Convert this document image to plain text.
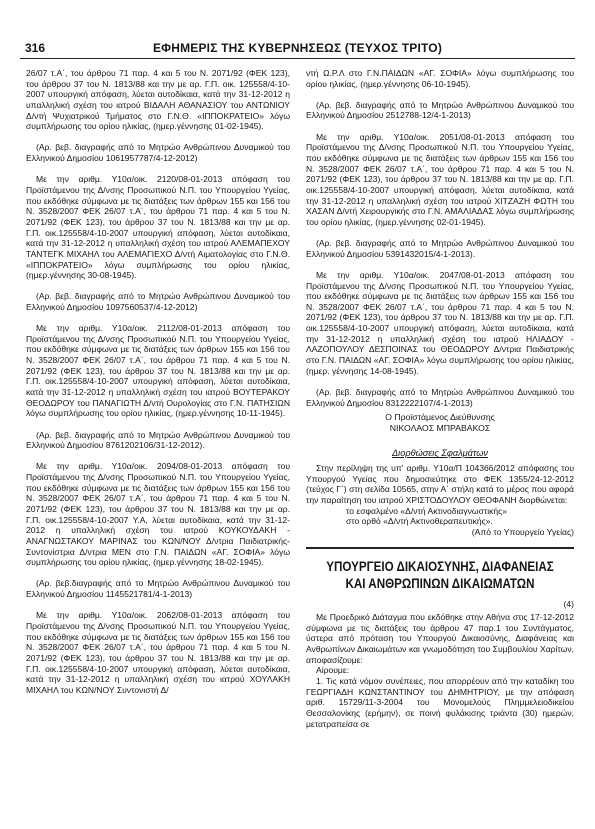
316	ΕΦΗΜΕΡΙΣ ΤΗΣ ΚΥΒΕΡΝΗΣΕΩΣ (ΤΕΥΧΟΣ ΤΡΙΤΟ)

26/07 τ.Α΄, του άρθρου 71 παρ. 4 και 5 του Ν. 2071/92 (ΦΕΚ 123), του άρθρου 37 του Ν. 1813/88 και την με αρ. Γ.Π. οικ. 125558/4-10-2007 υπουργική απόφαση, λύεται αυτοδίκαια, κατά την 31-12-2012 η υπαλληλική σχέση του ιατρού ΒΙΔΑΛΗ ΑΘΑΝΑΣΙΟΥ του ΑΝΤΩΝΙΟΥ Δ/ντή Ψυχιατρικού Τμήματος στο Γ.Ν.Θ. «ΙΠΠΟΚΡΑΤΕΙΟ» λόγω συμπλήρωσης του ορίου ηλικίας, (ημερ.γέννησης 01-02-1945).

(Αρ. βεβ. διαγραφής από το Μητρώο Ανθρώπινου Δυναμικού του Ελληνικού Δημοσίου 1061957787/4-12-2012)

Με την αριθμ. Υ10α/οικ. 2120/08-01-2013 απόφαση του Προϊστάμενου της Δ/νσης Προσωπικού Ν.Π. του Υπουργείου Υγείας, που εκδόθηκε σύμφωνα με τις διατάξεις των άρθρων 155 και 156 του Ν. 3528/2007 ΦΕΚ 26/07 τ.Α΄, του άρθρου 71 παρ. 4 και 5 του Ν. 2071/92 (ΦΕΚ 123), του άρθρου 37 του Ν. 1813/88 και την με αρ. Γ.Π. οικ.125558/4-10-2007 υπουργική απόφαση, λύεται αυτοδίκαια, κατά την 31-12-2012 η υπαλληλική σχέση του ιατρού ΑΛΕΜΑΠΕΧΟΥ ΤΑΝΤΕΓΚ ΜΙΧΑΗΛ του ΑΛΕΜΑΓΙΕΧΟ Δ/ντή Αιματολογίας στο Γ.Ν.Θ. «ΙΠΠΟΚΡΑΤΕΙΟ» λόγω συμπλήρωσης του ορίου ηλικίας, (ημερ.γέννησης 30-08-1945).

(Αρ. βεβ. διαγραφής από το Μητρώο Ανθρώπινου Δυναμικού του Ελληνικού Δημοσίου 1097560537/4-12-2012)

Με την αριθμ. Υ10α/οικ. 2112/08-01-2013 απόφαση του Προϊστάμενου της Δ/νσης Προσωπικού Ν.Π. του Υπουργείου Υγείας, που εκδόθηκε σύμφωνα με τις διατάξεις των άρθρων 155 και 156 του Ν. 3528/2007 ΦΕΚ 26/07 τ.Α΄, του άρθρου 71 παρ. 4 και 5 του Ν. 2071/92 (ΦΕΚ 123), του άρθρου 37 του Ν. 1813/88 και την με αρ. Γ.Π. οικ.125558/4-10-2007 υπουργική απόφαση, λύεται αυτοδίκαια, κατά την 31-12-2012 η υπαλληλική σχέση του ιατρού ΒΟΥΤΕΡΑΚΟΥ ΘΕΟΔΩΡΟΥ του ΠΑΝΑΓΙΩΤΗ Δ/ντή Ουρολογίας στο Γ.Ν. ΠΑΤΗΣΙΩΝ λόγω συμπλήρωσης του ορίου ηλικίας, (ημερ.γέννησης 10-11-1945).

(Αρ. βεβ. διαγραφής από το Μητρώο Ανθρώπινου Δυναμικού του Ελληνικού Δημοσίου 8761202106/31-12-2012).

Με την αριθμ. Υ10α/οικ. 2094/08-01-2013 απόφαση του Προϊστάμενου της Δ/νσης Προσωπικού Ν.Π. του Υπουργείου Υγείας, που εκδόθηκε σύμφωνα με τις διατάξεις των άρθρων 155 και 156 του Ν. 3528/2007 ΦΕΚ 26/07 τ.Α΄, του άρθρου 71 παρ. 4 και 5 του Ν. 2071/92 (ΦΕΚ 123), του άρθρου 37 του Ν. 1813/88 και την με αρ. Γ.Π. οικ.125558/4-10-2007 Υ.Α, λύεται αυτοδίκαια, κατά την 31-12-2012 η υπαλληλική σχέση του ιατρού ΚΟΥΚΟΥΔΑΚΗ - ΑΝΑΓΝΩΣΤΑΚΟΥ ΜΑΡΙΝΑΣ του ΚΩΝ/ΝΟΥ Δ/ντρια Παιδιατρικής-Συντονίστρια Δ/ντρια ΜΕΝ στο Γ.Ν. ΠΑΙΔΩΝ «ΑΓ. ΣΟΦΙΑ» λόγω συμπλήρωσης του ορίου ηλικίας, (ημερ.γέννησης 18-02-1945).

(Αρ. βεβ.διαγραφής από το Μητρώο Ανθρώπινου Δυναμικού του Ελληνικού Δημοσίου 1145521781/4-1-2013)

Με την αριθμ. Υ10α/οικ. 2062/08-01-2013 απόφαση του Προϊστάμενου της Δ/νσης Προσωπικού Ν.Π. του Υπουργείου Υγείας, που εκδόθηκε σύμφωνα με τις διατάξεις των άρθρων 155 και 156 του Ν. 3528/2007 ΦΕΚ 26/07 τ.Α΄, του άρθρου 71 παρ. 4 και 5 του Ν. 2071/92 (ΦΕΚ 123), του άρθρου 37 του Ν. 1813/88 και την με αρ. Γ.Π. οικ.125558/4-10-2007 υπουργική απόφαση, λύεται αυτοδίκαια, κατά την 31-12-2012 η υπαλληλική σχέση του ιατρού ΧΟΥΛΑΚΗ ΜΙΧΑΗΛ του ΚΩΝ/ΝΟΥ Συντονιστή Δ/

ντή Ω.Ρ.Λ στο Γ.Ν.ΠΑΙΔΩΝ «ΑΓ. ΣΟΦΙΑ» λόγω συμπλήρωσης του ορίου ηλικίας, (ημερ.γέννησης 06-10-1945).

(Αρ. βεβ. διαγραφής από το Μητρώο Ανθρώπινου Δυναμικού του Ελληνικού Δημοσίου 2512788-12/4-1-2013)

Με την αριθμ. Υ10α/οικ. 2051/08-01-2013 απόφαση του Προϊστάμενου της Δ/νσης Προσωπικού Ν.Π. του Υπουργείου Υγείας, που εκδόθηκε σύμφωνα με τις διατάξεις των άρθρων 155 και 156 του Ν. 3528/2007 ΦΕΚ 26/07 τ.Α΄, του άρθρου 71 παρ. 4 και 5 του Ν. 2071/92 (ΦΕΚ 123), του άρθρου 37 του Ν. 1813/88 και την με αρ. Γ.Π. οικ.125558/4-10-2007 υπουργική απόφαση, λύεται αυτοδίκαια, κατά την 31-12-2012 η υπαλληλική σχέση του ιατρού ΧΙΤΖΑΖΗ ΦΩΤΗ του ΧΑΣΑΝ Δ/ντή Χειρουργικής στο Γ.Ν. ΑΜΑΛΙΑΔΑΣ λόγω συμπλήρωσης του ορίου ηλικίας, (ημερ.γέννησης 02-01-1945).

(Αρ. βεβ. διαγραφής από το Μητρώο Ανθρώπινου Δυναμικού του Ελληνικού Δημοσίου 5391432015/4-1-2013).

Με την αριθμ. Υ10α/οικ. 2047/08-01-2013 απόφαση του Προϊστάμενου της Δ/νσης Προσωπικού Ν.Π. του Υπουργείου Υγείας, που εκδόθηκε σύμφωνα με τις διατάξεις των άρθρων 155 και 156 του Ν. 3528/2007 ΦΕΚ 26/07 τ.Α΄, του άρθρου 71 παρ. 4 και 5 του Ν. 2071/92 (ΦΕΚ 123), του άρθρου 37 του Ν. 1813/88 και την με αρ. Γ.Π. οικ.125558/4-10-2007 υπουργική απόφαση, λύεται αυτοδίκαια, κατά την 31-12-2012 η υπαλληλική σχέση του ιατρού ΗΛΙΑΔΟΥ - ΛΑΖΟΠΟΥΛΟΥ ΔΕΣΠΟΙΝΑΣ του ΘΕΟΔΩΡΟΥ Δ/ντρια Παιδιατρικής στο Γ.Ν. ΠΑΙΔΩΝ «ΑΓ. ΣΟΦΙΑ» λόγω συμπλήρωσης του ορίου ηλικίας, (ημερ. γέννησης 14-08-1945).

(Αρ. βεβ. διαγραφής από το Μητρώο Ανθρώπινου Δυναμικού του Ελληνικού Δημοσίου 8312222107/4-1-2013)

Ο Προϊστάμενος Διεύθυνσης
ΝΙΚΟΛΑΟΣ ΜΠΡΑΒΑΚΟΣ
Διορθώσεις Σφαλμάτων

Στην περίληψη της υπ' αριθμ. Υ10α/Π 104366/2012 απόφασης του Υπουργού Υγείας που δημοσιεύτηκε στο ΦΕΚ 1355/24-12-2012 (τεύχος Γ΄) στη σελίδα 10565, στην Α΄ στήλη κατά το μέρος που αφορά την παραίτηση του ιατρού ΧΡΙΣΤΟΔΟΥΛΟΥ ΘΕΟΦΑΝΗ διορθώνεται:

το εσφαλμένο «Δ/ντή Ακτινοδιαγνωστικής»
στο ορθό «Δ/ντή Ακτινοθεραπευτικής».
(Από το Υπουργείο Υγείας)
ΥΠΟΥΡΓΕΙΟ ΔΙΚΑΙΟΣΥΝΗΣ, ΔΙΑΦΑΝΕΙΑΣ
ΚΑΙ ΑΝΘΡΩΠΙΝΩΝ ΔΙΚΑΙΩΜΑΤΩΝ
(4)

Με Προεδρικό Διάταγμα που εκδόθηκε στην Αθήνα στις 17-12-2012 σύμφωνα με τις διατάξεις του άρθρου 47 παρ.1 του Συντάγματος, ύστερα από πρόταση του Υπουργού Δικαιοσύνης, Διαφάνειας και Ανθρωπίνων Δικαιωμάτων και γνωμοδότηση του Συμβουλίου Χαρίτων, αποφασίζουμε:

Αίρουμε:

1. Τις κατά νόμον συνέπειες, που απορρέουν από την καταδίκη του ΓΕΩΡΓΙΑΔΗ ΚΩΝΣΤΑΝΤΙΝΟΥ του ΔΗΜΗΤΡΙΟΥ, με την απόφαση αριθ. 15729/11-3-2004 του Μονομελούς Πλημμελειοδικείου Θεσσαλονίκης (ερήμην), σε ποινή φυλάκισης τριάντα (30) ημερών, μετατραπείσα σε
